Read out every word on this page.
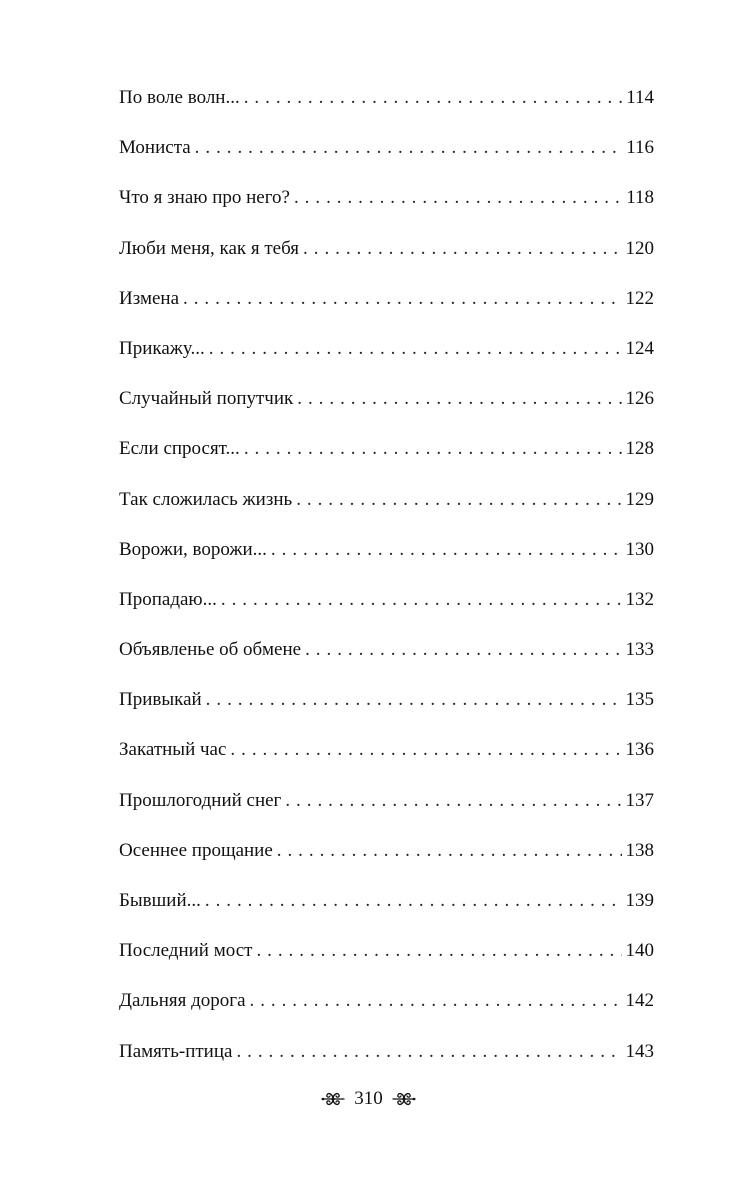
По воле волн... . . .	114
Мониста . . .	116
Что я знаю про него? . . .	118
Люби меня, как я тебя . . .	120
Измена . . .	122
Прикажу... . . .	124
Случайный попутчик . . .	126
Если спросят... . . .	128
Так сложилась жизнь . . .	129
Ворожи, ворожи... . . .	130
Пропадаю... . . .	132
Объявленье об обмене . . .	133
Привыкай . . .	135
Закатный час . . .	136
Прошлогодний снег . . .	137
Осеннее прощание . . .	138
Бывший... . . .	139
Последний мост . . .	140
Дальняя дорога . . .	142
Память-птица . . .	143
310
